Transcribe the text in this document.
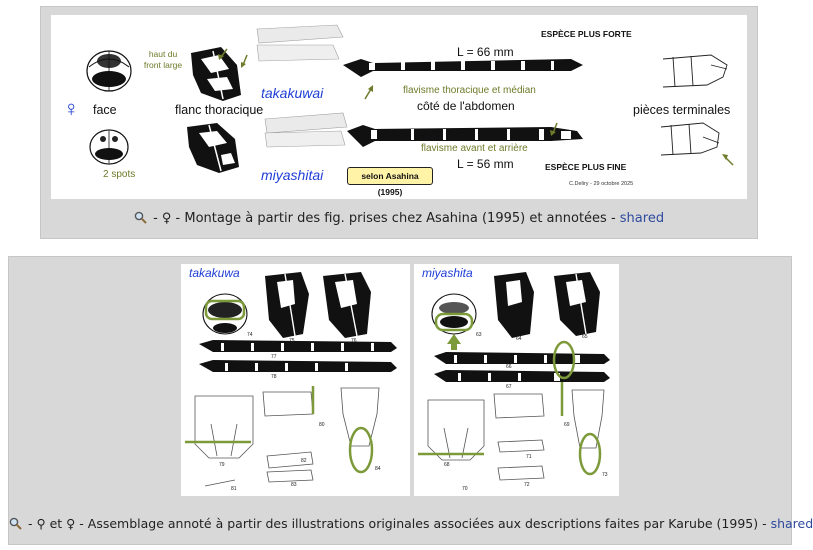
♀ face
haut du front large
flanc thoracique
2 spots
takakuwai
miyashitai
L = 66 mm
flavisme thoracique et médian
côté de l'abdomen
flavisme avant et arrière
L = 56 mm
ESPÈCE PLUS FORTE
ESPÈCE PLUS FINE
pièces terminales
selon Asahina (1995)
C.Deliry - 29 octobre 2025
- ♀ - Montage à partir des fig. prises chez Asahina (1995) et annotées - shared
takakuwa
74
75	76
77
78
79
80
81
82
83
84
miyashita
63
64	65
66
67
68
69
70
71
72
73
- ⚲ et ♀ - Assemblage annoté à partir des illustrations originales associées aux descriptions faites par Karube (1995) - shared
